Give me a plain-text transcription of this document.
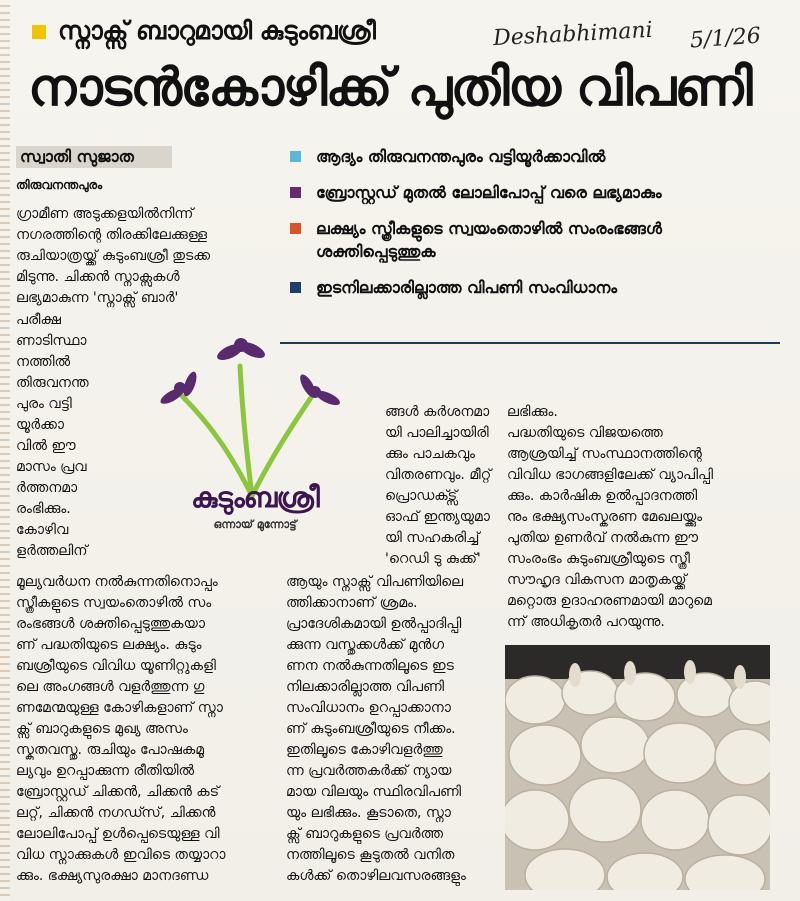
സ്നാക്സ് ബാറുമായി കുടുംബശ്രീ	Deshabhimani 5/1/26
നാടൻകോഴിക്ക് പുതിയ വിപണി
സ്വാതി സുജാത
തിരുവനന്തപുരം
ആദ്യം തിരുവനന്തപുരം വട്ടിയൂർക്കാവിൽ
ബ്രോസ്റ്റഡ് മുതൽ ലോലിപോപ്പ് വരെ ലഭ്യമാകും
ലക്ഷ്യം സ്ത്രീകളുടെ സ്വയംതൊഴിൽ സംരംഭങ്ങൾ ശക്തിപ്പെടുത്തുക
ഇടനിലക്കാരില്ലാത്ത വിപണി സംവിധാനം
കുടുംബശ്രീ
ഒന്നായ് മുന്നോട്ട്
ഗ്രാമീണ അടുക്കളയിൽനിന്ന്
നഗരത്തിന്റെ തിരക്കിലേക്കുള്ള
രുചിയാത്രയ്ക്ക് കുടുംബശ്രീ തുടക്ക
മിടുന്നു. ചിക്കൻ സ്നാക്സുകൾ
ലഭ്യമാകുന്ന 'സ്നാക്സ് ബാർ'
പരീക്ഷ
ണാടിസ്ഥാ
നത്തിൽ
തിരുവനന്ത
പുരം വട്ടി
യൂർക്കാ
വിൽ ഈ
മാസം പ്രവ
ർത്തനമാ
രംഭിക്കും.
കോഴിവ
ളർത്തലിന്
മൂല്യവർധന നൽകുന്നതിനൊപ്പം
സ്ത്രീകളുടെ സ്വയംതൊഴിൽ സം
രംഭങ്ങൾ ശക്തിപ്പെടുത്തുകയാ
ണ് പദ്ധതിയുടെ ലക്ഷ്യം. കുടും
ബശ്രീയുടെ വിവിധ യൂണിറ്റുകളി
ലെ അംഗങ്ങൾ വളർത്തുന്ന ഗു
ണമേന്മയുള്ള കോഴികളാണ് സ്നാ
ക്സ് ബാറുകളുടെ മുഖ്യ അസം
സ്കൃതവസ്തു. രുചിയും പോഷകമൂ
ല്യവും ഉറപ്പാക്കുന്ന രീതിയിൽ
ബ്രോസ്റ്റഡ് ചിക്കൻ, ചിക്കൻ കട്
ലറ്റ്, ചിക്കൻ നഗഡ്സ്, ചിക്കൻ
ലോലിപോപ്പ് ഉൾപ്പെടെയുള്ള വി
വിധ സ്നാക്കുകൾ ഇവിടെ തയ്യാറാ
ക്കും. ഭക്ഷ്യസുരക്ഷാ മാനദണ്ഡ
ങ്ങൾ കർശനമാ
യി പാലിച്ചായിരി
ക്കും പാചകവും
വിതരണവും. മീറ്റ്
പ്രൊഡക്ട്സ്
ഓഫ് ഇന്ത്യയുമാ
യി സഹകരിച്ച്
'റെഡി ടു കുക്ക്'
ആയും സ്നാക്സ് വിപണിയിലെ
ത്തിക്കാനാണ് ശ്രമം.
പ്രാദേശികമായി ഉൽപ്പാദിപ്പി
ക്കുന്ന വസ്തുക്കൾക്ക് മുൻഗ
ണന നൽകുന്നതിലൂടെ ഇട
നിലക്കാരില്ലാത്ത വിപണി
സംവിധാനം ഉറപ്പാക്കാനാ
ണ് കുടുംബശ്രീയുടെ നീക്കം.
ഇതിലൂടെ കോഴിവളർത്തു
ന്ന പ്രവർത്തകർക്ക് ന്യായ
മായ വിലയും സ്ഥിരവിപണി
യും ലഭിക്കും. കൂടാതെ, സ്നാ
ക്സ് ബാറുകളുടെ പ്രവർത്ത
നത്തിലൂടെ കൂടുതൽ വനിത
കൾക്ക് തൊഴിലവസരങ്ങളും
ലഭിക്കും.
പദ്ധതിയുടെ വിജയത്തെ
ആശ്രയിച്ച് സംസ്ഥാനത്തിന്റെ
വിവിധ ഭാഗങ്ങളിലേക്ക് വ്യാപിപ്പി
ക്കും. കാർഷിക ഉൽപ്പാദനത്തി
നും ഭക്ഷ്യസംസ്കരണ മേഖലയ്ക്കും
പുതിയ ഉണർവ് നൽകുന്ന ഈ
സംരംഭം കുടുംബശ്രീയുടെ സ്ത്രീ
സൗഹൃദ വികസന മാതൃകയ്ക്ക്
മറ്റൊരു ഉദാഹരണമായി മാറുമെ
ന്ന് അധികൃതർ പറയുന്നു.
